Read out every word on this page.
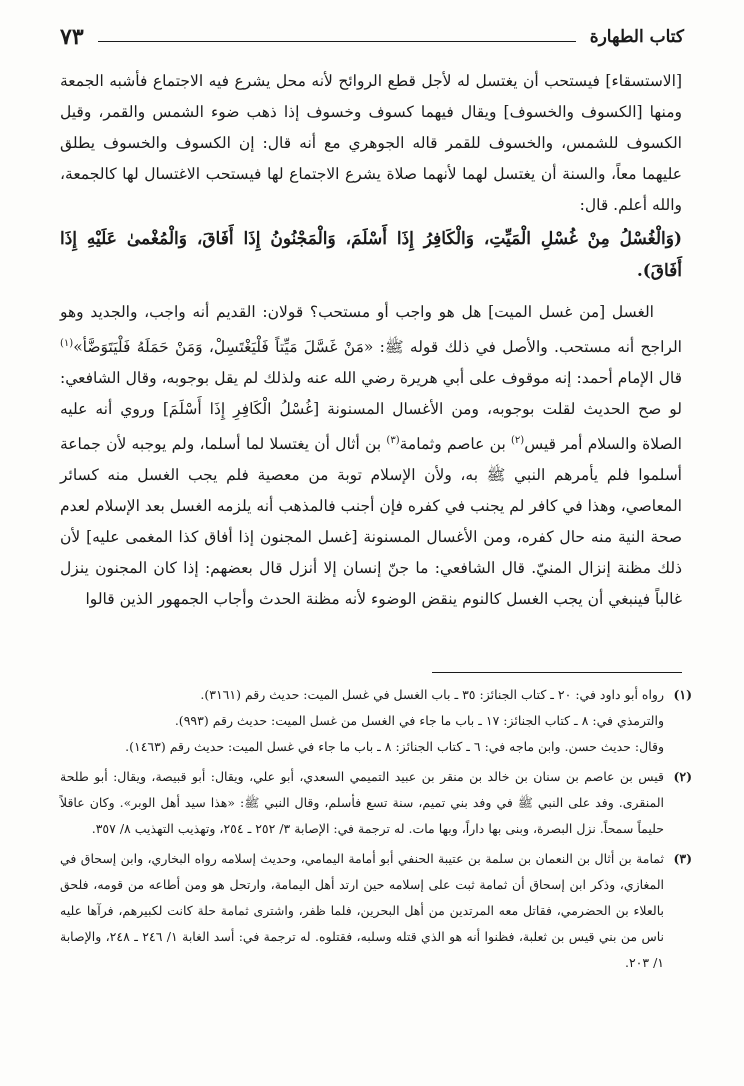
كتاب الطهارة
٧٣

[الاستسقاء] فيستحب أن يغتسل له لأجل قطع الروائح لأنه محل يشرع فيه الاجتماع فأشبه الجمعة ومنها [الكسوف والخسوف] ويقال فيهما كسوف وخسوف إذا ذهب ضوء الشمس والقمر، وقيل الكسوف للشمس، والخسوف للقمر قاله الجوهري مع أنه قال: إن الكسوف والخسوف يطلق عليهما معاً، والسنة أن يغتسل لهما لأنهما صلاة يشرع الاجتماع لها فيستحب الاغتسال لها كالجمعة، والله أعلم. قال:

(وَالْغُسْلُ مِنْ غُسْلِ الْمَيِّتِ، وَالْكَافِرُ إِذَا أَسْلَمَ، وَالْمَجْنُونُ إِذَا أَفَاقَ، وَالْمُغْمىٰ عَلَيْهِ إِذَا أَفَاقَ).

الغسل [من غسل الميت] هل هو واجب أو مستحب؟ قولان: القديم أنه واجب، والجديد وهو الراجح أنه مستحب. والأصل في ذلك قوله ﷺ: «مَنْ غَسَّلَ مَيِّتاً فَلْيَغْتَسِلْ، وَمَنْ حَمَلَهُ فَلْيَتَوَضَّأ»$^{(١)}$ قال الإمام أحمد: إنه موقوف على أبي هريرة رضي الله عنه ولذلك لم يقل بوجوبه، وقال الشافعي: لو صح الحديث لقلت بوجوبه، ومن الأغسال المسنونة [غُسْلُ الْكَافِرِ إِذَا أَسْلَمَ] وروي أنه عليه الصلاة والسلام أمر قيس$^{(٢)}$ بن عاصم وثمامة$^{(٣)}$ بن أثال أن يغتسلا لما أسلما، ولم يوجبه لأن جماعة أسلموا فلم يأمرهم النبي ﷺ به، ولأن الإسلام توبة من معصية فلم يجب الغسل منه كسائر المعاصي، وهذا في كافر لم يجنب في كفره فإن أجنب فالمذهب أنه يلزمه الغسل بعد الإسلام لعدم صحة النية منه حال كفره، ومن الأغسال المسنونة [غسل المجنون إذا أفاق كذا المغمى عليه] لأن ذلك مظنة إنزال المنيّ. قال الشافعي: ما جنّ إنسان إلا أنزل قال بعضهم: إذا كان المجنون ينزل غالباً فينبغي أن يجب الغسل كالنوم ينقض الوضوء لأنه مظنة الحدث وأجاب الجمهور الذين قالوا

(١)

رواه أبو داود في: ٢٠ ـ كتاب الجنائز: ٣٥ ـ باب الغسل في غسل الميت: حديث رقم (٣١٦١).

والترمذي في: ٨ ـ كتاب الجنائز: ١٧ ـ باب ما جاء في الغسل من غسل الميت: حديث رقم (٩٩٣).

وقال: حديث حسن. وابن ماجه في: ٦ ـ كتاب الجنائز: ٨ ـ باب ما جاء في غسل الميت: حديث رقم (١٤٦٣).

(٢)

قيس بن عاصم بن سنان بن خالد بن منقر بن عبيد التميمي السعدي، أبو علي، ويقال: أبو قبيصة، ويقال: أبو طلحة المنقرى. وفد على النبي ﷺ في وفد بني تميم، سنة تسع فأسلم، وقال النبي ﷺ: «هذا سيد أهل الوبر». وكان عاقلاً حليماً سمحاً. نزل البصرة، وبنى بها داراً، وبها مات. له ترجمة في: الإصابة ٣/ ٢٥٢ ـ ٢٥٤، وتهذيب التهذيب ٨/ ٣٥٧.

(٣)

ثمامة بن أثال بن النعمان بن سلمة بن عتيبة الحنفي أبو أمامة اليمامي، وحديث إسلامه رواه البخاري، وابن إسحاق في المغازي، وذكر ابن إسحاق أن ثمامة ثبت على إسلامه حين ارتد أهل اليمامة، وارتحل هو ومن أطاعه من قومه، فلحق بالعلاء بن الحضرمي، فقاتل معه المرتدين من أهل البحرين، فلما ظفر، واشترى ثمامة حلة كانت لكبيرهم، فرآها عليه ناس من بني قيس بن ثعلبة، فظنوا أنه هو الذي قتله وسلبه، فقتلوه. له ترجمة في: أسد الغابة ١/ ٢٤٦ ـ ٢٤٨، والإصابة ١/ ٢٠٣.
